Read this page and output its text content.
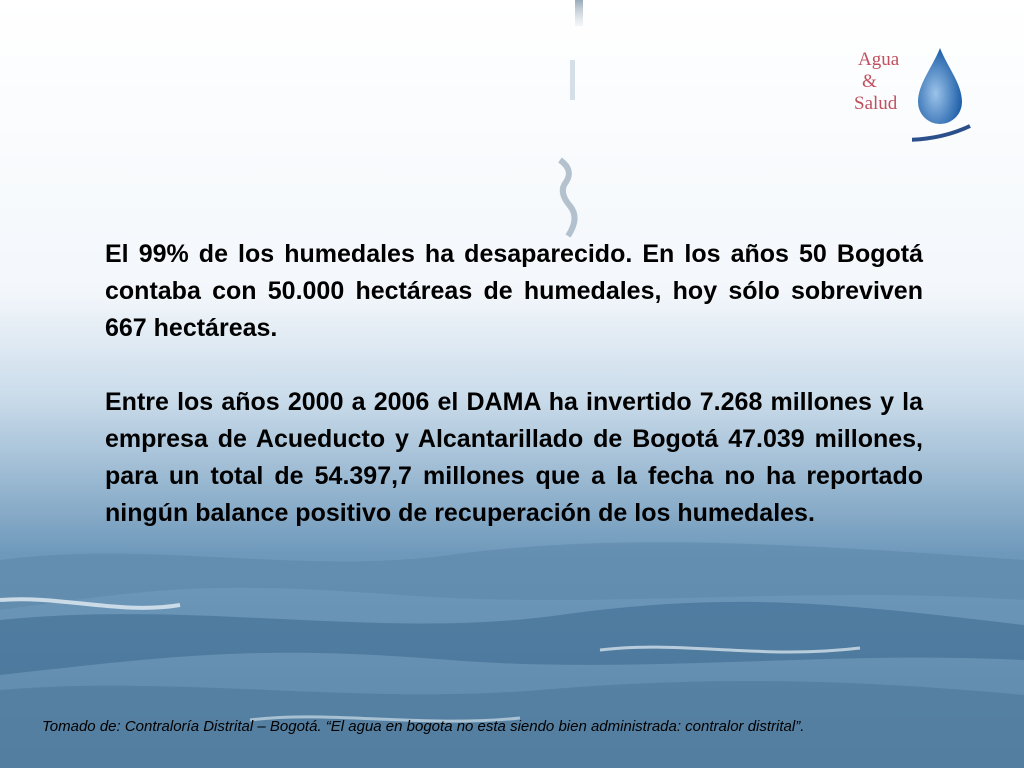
Agua
&
Salud

El 99% de los humedales ha desaparecido. En los años 50 Bogotá contaba con 50.000 hectáreas de humedales, hoy sólo sobreviven 667 hectáreas.

Entre los años 2000 a 2006 el DAMA ha invertido 7.268 millones y la empresa de Acueducto y Alcantarillado de Bogotá 47.039 millones, para un total de 54.397,7 millones que a la fecha no ha reportado ningún balance positivo de recuperación de los humedales.

Tomado de: Contraloría Distrital – Bogotá. “El agua en bogota no esta siendo bien administrada: contralor distrital”.
